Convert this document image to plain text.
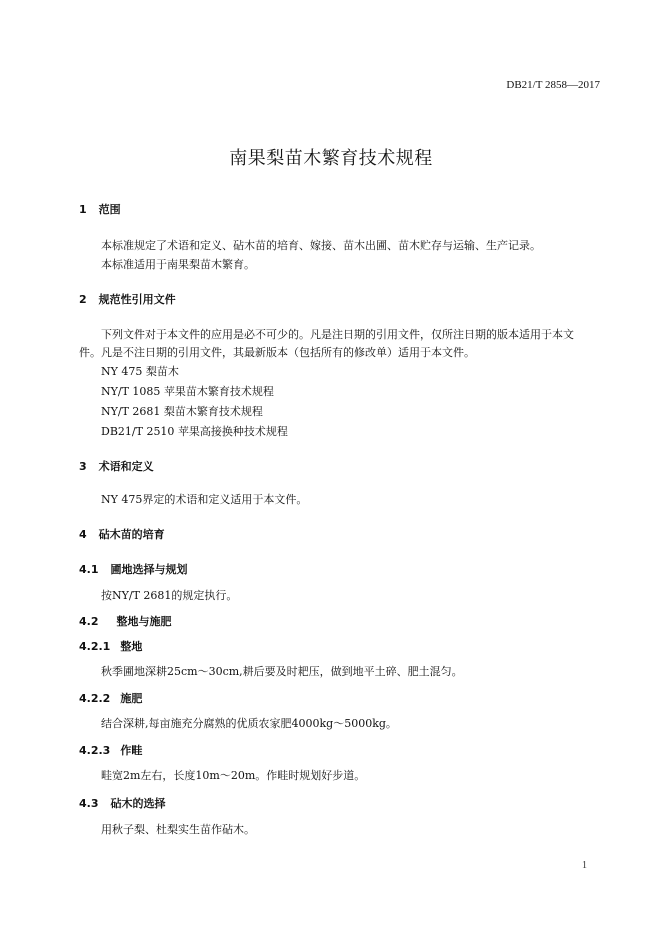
DB21/T 2858—2017
南果梨苗木繁育技术规程
1 范围
本标准规定了术语和定义、砧木苗的培育、嫁接、苗木出圃、苗木贮存与运输、生产记录。
本标准适用于南果梨苗木繁育。
2 规范性引用文件
下列文件对于本文件的应用是必不可少的。凡是注日期的引用文件，仅所注日期的版本适用于本文
件。凡是不注日期的引用文件，其最新版本（包括所有的修改单）适用于本文件。
NY 475 梨苗木
NY/T 1085 苹果苗木繁育技术规程
NY/T 2681 梨苗木繁育技术规程
DB21/T 2510 苹果高接换种技术规程
3 术语和定义
NY 475界定的术语和定义适用于本文件。
4 砧木苗的培育
4.1 圃地选择与规划
按NY/T 2681的规定执行。
4.2 整地与施肥
4.2.1 整地
秋季圃地深耕25cm～30cm,耕后要及时耙压，做到地平土碎、肥土混匀。
4.2.2 施肥
结合深耕,每亩施充分腐熟的优质农家肥4000kg～5000kg。
4.2.3 作畦
畦宽2m左右，长度10m～20m。作畦时规划好步道。
4.3 砧木的选择
用秋子梨、杜梨实生苗作砧木。
1
